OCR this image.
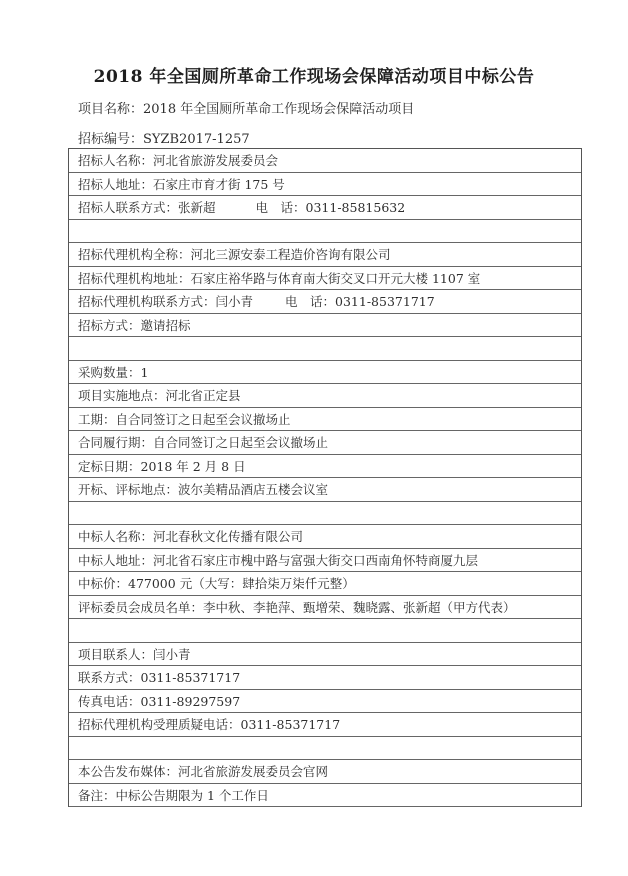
2018 年全国厕所革命工作现场会保障活动项目中标公告
项目名称：2018 年全国厕所革命工作现场会保障活动项目
招标编号：SYZB2017-1257
招标人名称：河北省旅游发展委员会
招标人地址：石家庄市育才街 175 号
招标人联系方式：张新超	电　话：0311-85815632
招标代理机构全称：河北三源安泰工程造价咨询有限公司
招标代理机构地址：石家庄裕华路与体育南大街交叉口开元大楼 1107 室
招标代理机构联系方式：闫小青	电　话：0311-85371717
招标方式：邀请招标
采购数量：1
项目实施地点：河北省正定县
工期：自合同签订之日起至会议撤场止
合同履行期：自合同签订之日起至会议撤场止
定标日期：2018 年 2 月 8 日
开标、评标地点：波尔美精品酒店五楼会议室
中标人名称：河北春秋文化传播有限公司
中标人地址：河北省石家庄市槐中路与富强大街交口西南角怀特商厦九层
中标价：477000 元（大写：肆拾柒万柒仟元整）
评标委员会成员名单：李中秋、李艳萍、甄增荣、魏晓露、张新超（甲方代表）
项目联系人：闫小青
联系方式：0311-85371717
传真电话：0311-89297597
招标代理机构受理质疑电话：0311-85371717
本公告发布媒体：河北省旅游发展委员会官网
备注：中标公告期限为 1 个工作日
